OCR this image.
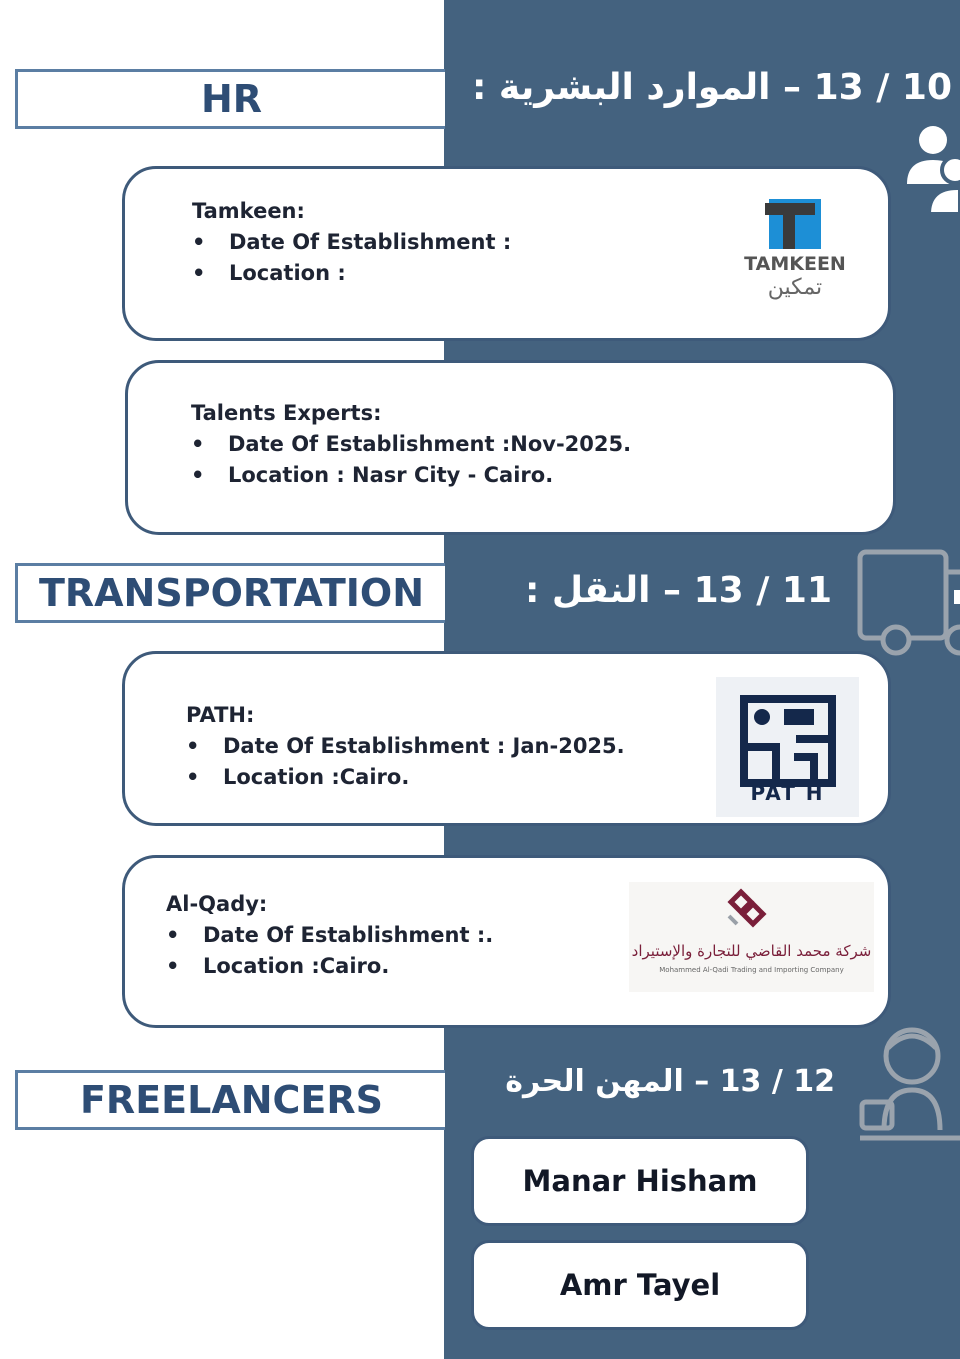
HR	10 / 13 – الموارد البشرية :
Tamkeen:
• Date Of Establishment :
• Location :	TAMKEEN
تمكين
Talents Experts:
• Date Of Establishment :Nov-2025.
• Location : Nasr City - Cairo.
TRANSPORTATION	11 / 13 – النقل :
PATH:
• Date Of Establishment : Jan-2025.
• Location :Cairo.
PAT H
Al-Qady:
• Date Of Establishment :.
• Location :Cairo.
شركة محمد القاضي للتجارة والإستيراد
Mohammed Al-Qadi Trading and Importing Company
FREELANCERS	12 / 13 – المهن الحرة
Manar Hisham
Amr Tayel
